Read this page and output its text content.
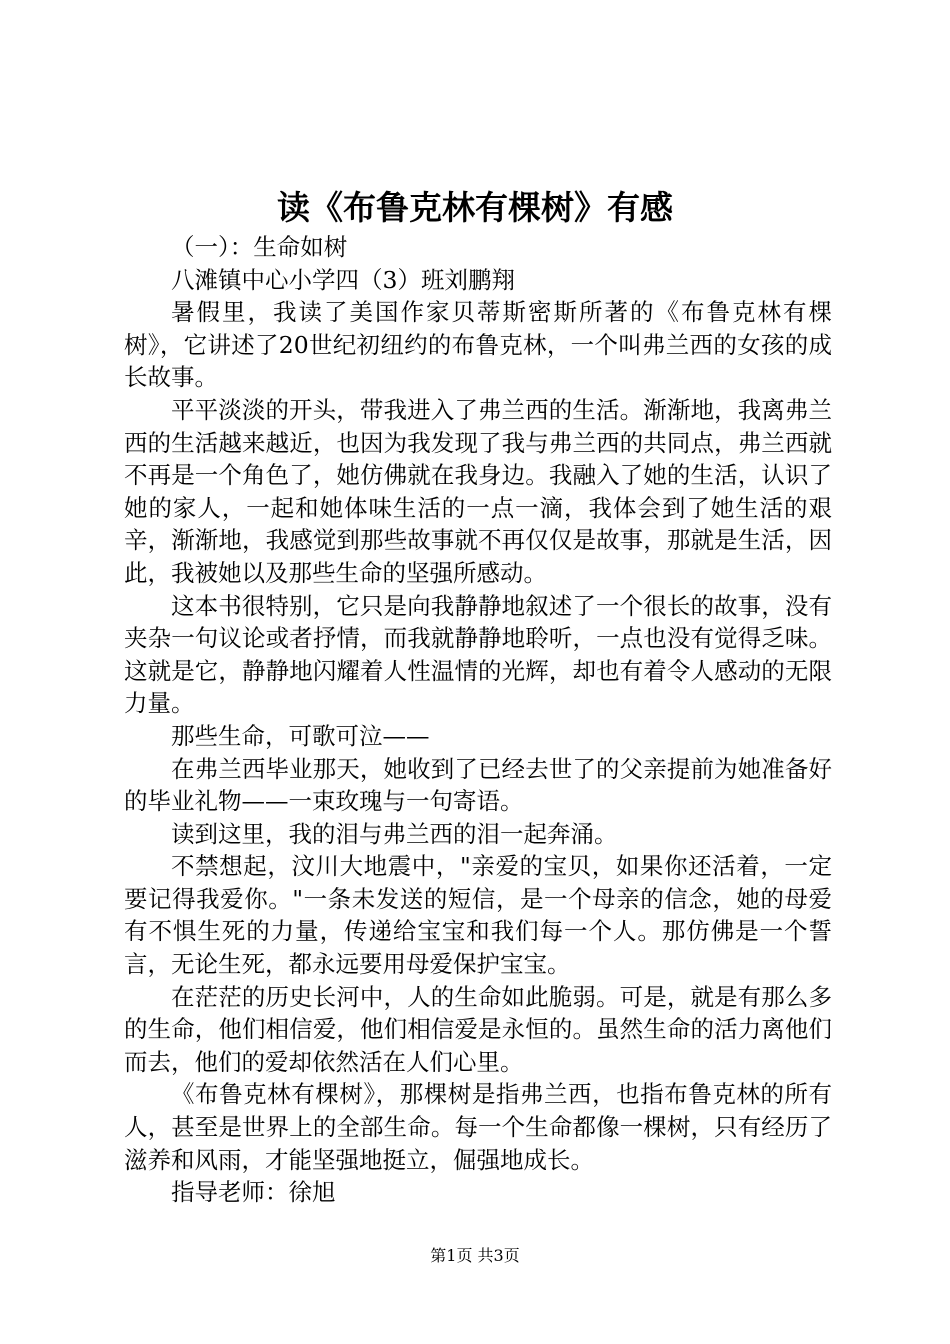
读《布鲁克林有棵树》有感

（一）：生命如树

八滩镇中心小学四（3）班刘鹏翔

暑假里，我读了美国作家贝蒂斯密斯所著的《布鲁克林有棵树》，它讲述了20世纪初纽约的布鲁克林，一个叫弗兰西的女孩的成长故事。

平平淡淡的开头，带我进入了弗兰西的生活。渐渐地，我离弗兰西的生活越来越近，也因为我发现了我与弗兰西的共同点，弗兰西就不再是一个角色了，她仿佛就在我身边。我融入了她的生活，认识了她的家人，一起和她体味生活的一点一滴，我体会到了她生活的艰辛，渐渐地，我感觉到那些故事就不再仅仅是故事，那就是生活，因此，我被她以及那些生命的坚强所感动。

这本书很特别，它只是向我静静地叙述了一个很长的故事，没有夹杂一句议论或者抒情，而我就静静地聆听，一点也没有觉得乏味。这就是它，静静地闪耀着人性温情的光辉，却也有着令人感动的无限力量。

那些生命，可歌可泣——

在弗兰西毕业那天，她收到了已经去世了的父亲提前为她准备好的毕业礼物——一束玫瑰与一句寄语。

读到这里，我的泪与弗兰西的泪一起奔涌。

不禁想起，汶川大地震中，"亲爱的宝贝，如果你还活着，一定要记得我爱你。"一条未发送的短信，是一个母亲的信念，她的母爱有不惧生死的力量，传递给宝宝和我们每一个人。那仿佛是一个誓言，无论生死，都永远要用母爱保护宝宝。

在茫茫的历史长河中，人的生命如此脆弱。可是，就是有那么多的生命，他们相信爱，他们相信爱是永恒的。虽然生命的活力离他们而去，他们的爱却依然活在人们心里。

《布鲁克林有棵树》，那棵树是指弗兰西，也指布鲁克林的所有人，甚至是世界上的全部生命。每一个生命都像一棵树，只有经历了滋养和风雨，才能坚强地挺立，倔强地成长。

指导老师：徐旭

第1页 共3页
